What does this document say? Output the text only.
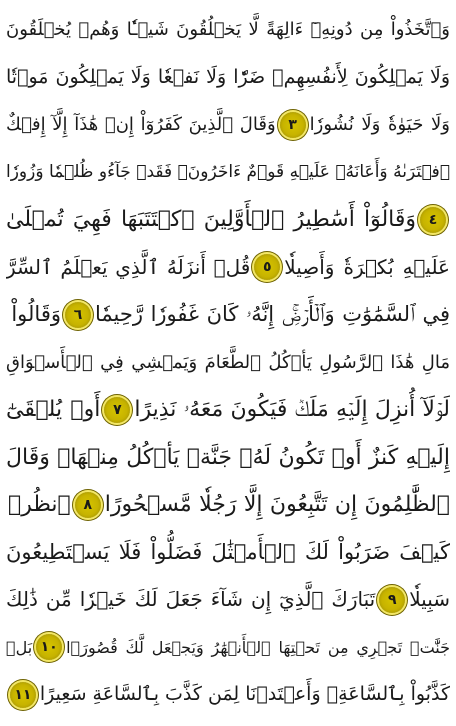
وَٱتَّخَذُواْ مِن دُونِهِۦٓ ءَالِهَةً لَّا يَخۡلُقُونَ شَيۡـٔٗا وَهُمۡ يُخۡلَقُونَ
وَلَا يَمۡلِكُونَ لِأَنفُسِهِمۡ ضَرّٗا وَلَا نَفۡعٗا وَلَا يَمۡلِكُونَ مَوۡتٗا
وَلَا حَيَوٰةٗ وَلَا نُشُورٗا
٣
وَقَالَ ٱلَّذِينَ كَفَرُوٓاْ إِنۡ هَٰذَآ إِلَّآ إِفۡكٌ
ٱفۡتَرَىٰهُ وَأَعَانَهُۥ عَلَيۡهِ قَوۡمٌ ءَاخَرُونَۖ فَقَدۡ جَآءُو ظُلۡمٗا وَزُورٗا
٤
وَقَالُوٓاْ أَسَٰطِيرُ ٱلۡأَوَّلِينَ ٱكۡتَتَبَهَا فَهِيَ تُمۡلَىٰ
عَلَيۡهِ بُكۡرَةٗ وَأَصِيلٗا
٥
قُلۡ أَنزَلَهُ ٱلَّذِي يَعۡلَمُ ٱلسِّرَّ
فِي ٱلسَّمَٰوَٰتِ وَٱلۡأَرۡضِۚ إِنَّهُۥ كَانَ غَفُورٗا رَّحِيمٗا
٦
وَقَالُواْ
مَالِ هَٰذَا ٱلرَّسُولِ يَأۡكُلُ ٱلطَّعَامَ وَيَمۡشِي فِي ٱلۡأَسۡوَاقِ
لَوۡلَآ أُنزِلَ إِلَيۡهِ مَلَكٞ فَيَكُونَ مَعَهُۥ نَذِيرًا
٧
أَوۡ يُلۡقَىٰٓ
إِلَيۡهِ كَنزٌ أَوۡ تَكُونُ لَهُۥ جَنَّةٞ يَأۡكُلُ مِنۡهَاۚ وَقَالَ
ٱلظَّٰلِمُونَ إِن تَتَّبِعُونَ إِلَّا رَجُلٗا مَّسۡحُورًا
٨
ٱنظُرۡ
كَيۡفَ ضَرَبُواْ لَكَ ٱلۡأَمۡثَٰلَ فَضَلُّواْ فَلَا يَسۡتَطِيعُونَ
سَبِيلٗا
٩
تَبَارَكَ ٱلَّذِيٓ إِن شَآءَ جَعَلَ لَكَ خَيۡرٗا مِّن ذَٰلِكَ
جَنَّٰتٖ تَجۡرِي مِن تَحۡتِهَا ٱلۡأَنۡهَٰرُ وَيَجۡعَل لَّكَ قُصُورَۢا
١٠
بَلۡ
كَذَّبُواْ بِٱلسَّاعَةِۖ وَأَعۡتَدۡنَا لِمَن كَذَّبَ بِٱلسَّاعَةِ سَعِيرًا
١١
